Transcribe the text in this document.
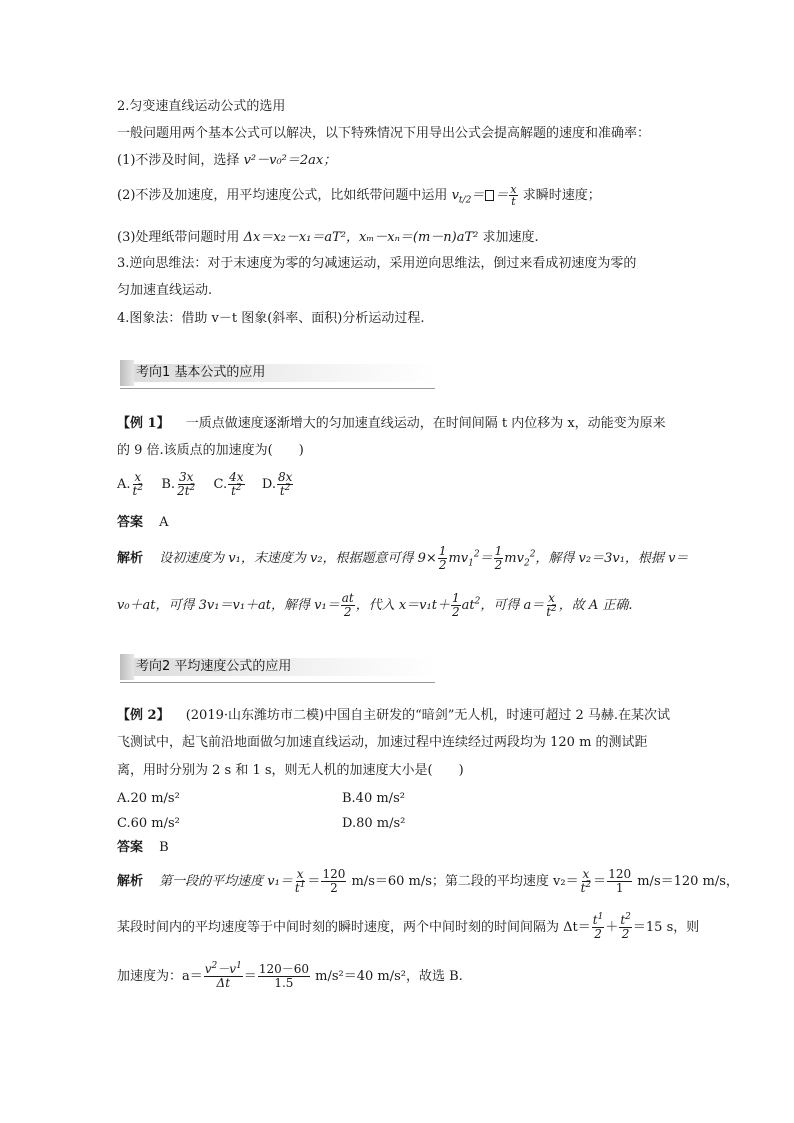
2.匀变速直线运动公式的选用
一般问题用两个基本公式可以解决，以下特殊情况下用导出公式会提高解题的速度和准确率：
(1)不涉及时间，选择 v²－v₀²＝2ax；
(2)不涉及加速度，用平均速度公式，比如纸带问题中运用 $v_{t/2}= = \frac{x}{t}$ 求瞬时速度；
(3)处理纸带问题时用 Δx＝x₂－x₁＝aT²，xₘ－xₙ＝(m－n)aT² 求加速度.
3.逆向思维法：对于末速度为零的匀减速运动，采用逆向思维法，倒过来看成初速度为零的
匀加速直线运动.
4.图象法：借助 v－t 图象(斜率、面积)分析运动过程.
考向1 基本公式的应用
【例 1】 一质点做速度逐渐增大的匀加速直线运动，在时间间隔 t 内位移为 x，动能变为原来
的 9 倍.该质点的加速度为(　　)
A. $\frac{x}{t^2} B$. $\frac{3x}{2t^2} C$. $\frac{4x}{t^2} D$. $\frac{8x}{t^2}$
答案 A
解析 设初速度为 v₁，末速度为 v₂，根据题意可得 $9\times \frac{1}{2} mv_1^2= \frac{1}{2} mv_2^2$，解得 v₂＝3v₁，根据 v＝
v₀＋at，可得 3v₁＝v₁＋at，解得 $v_1= \frac{at}{2}$ ，代入 $x=v_1t+ \frac{1}{2} at^2$，可得 $a= \frac{x}{t^2}$ ，故 A 正确.
考向2 平均速度公式的应用
【例 2】 (2019·山东潍坊市二模)中国自主研发的“暗剑”无人机，时速可超过 2 马赫.在某次试
飞测试中，起飞前沿地面做匀加速直线运动，加速过程中连续经过两段均为 120 m 的测试距
离，用时分别为 2 s 和 1 s，则无人机的加速度大小是(　　)
A.20 m/s²	B.40 m/s²
C.60 m/s²	D.80 m/s²
答案 B
解析 第一段的平均速度 $v_1= \frac{x}{t^1} = \frac{120}{2} m/s=60$ m/s；第二段的平均速度 $v_2= \frac{x}{t^2} = \frac{120}{1} m/s=120$ m/s，
某段时间内的平均速度等于中间时刻的瞬时速度，两个中间时刻的时间间隔为 $\Delta t= \frac{t^1}{2} + \frac{t^2}{2} =15$ s，则
加速度为：$a= \frac{v^2-v^1}{\Delta t} = \frac{120-60}{1.5} m/s^2=40$ m/s²，故选 B.
